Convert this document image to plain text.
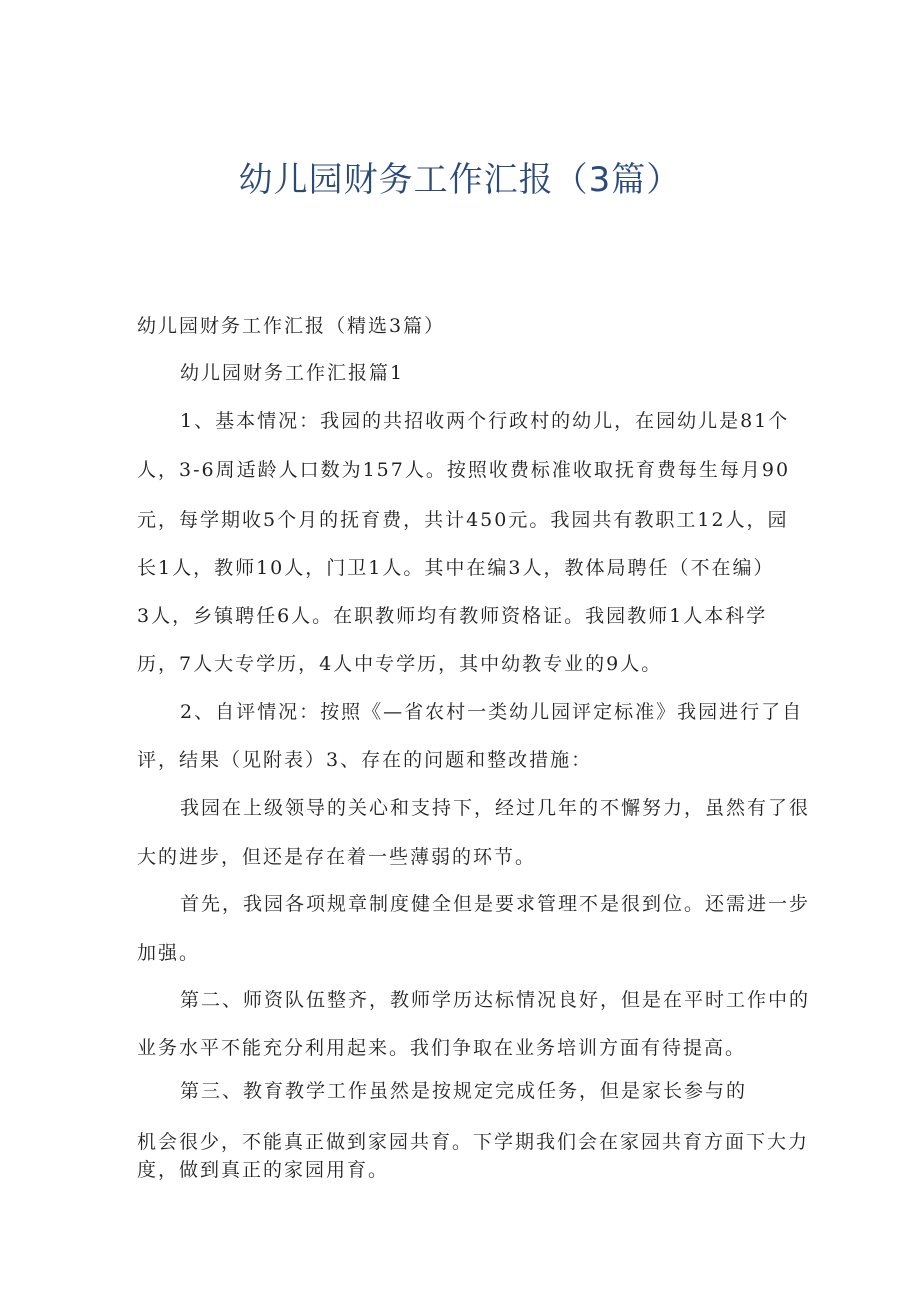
幼儿园财务工作汇报（3篇）

幼儿园财务工作汇报（精选3篇）

幼儿园财务工作汇报篇1

1、基本情况：我园的共招收两个行政村的幼儿，在园幼儿是81个

人，3-6周适龄人口数为157人。按照收费标准收取抚育费每生每月90

元，每学期收5个月的抚育费，共计450元。我园共有教职工12人，园

长1人，教师10人，门卫1人。其中在编3人，教体局聘任（不在编）

3人，乡镇聘任6人。在职教师均有教师资格证。我园教师1人本科学

历，7人大专学历，4人中专学历，其中幼教专业的9人。

2、自评情况：按照《—省农村一类幼儿园评定标准》我园进行了自

评，结果（见附表）3、存在的问题和整改措施：

我园在上级领导的关心和支持下，经过几年的不懈努力，虽然有了很

大的进步，但还是存在着一些薄弱的环节。

首先，我园各项规章制度健全但是要求管理不是很到位。还需进一步

加强。

第二、师资队伍整齐，教师学历达标情况良好，但是在平时工作中的

业务水平不能充分利用起来。我们争取在业务培训方面有待提高。

第三、教育教学工作虽然是按规定完成任务，但是家长参与的

机会很少，不能真正做到家园共育。下学期我们会在家园共育方面下大力

度，做到真正的家园用育。
